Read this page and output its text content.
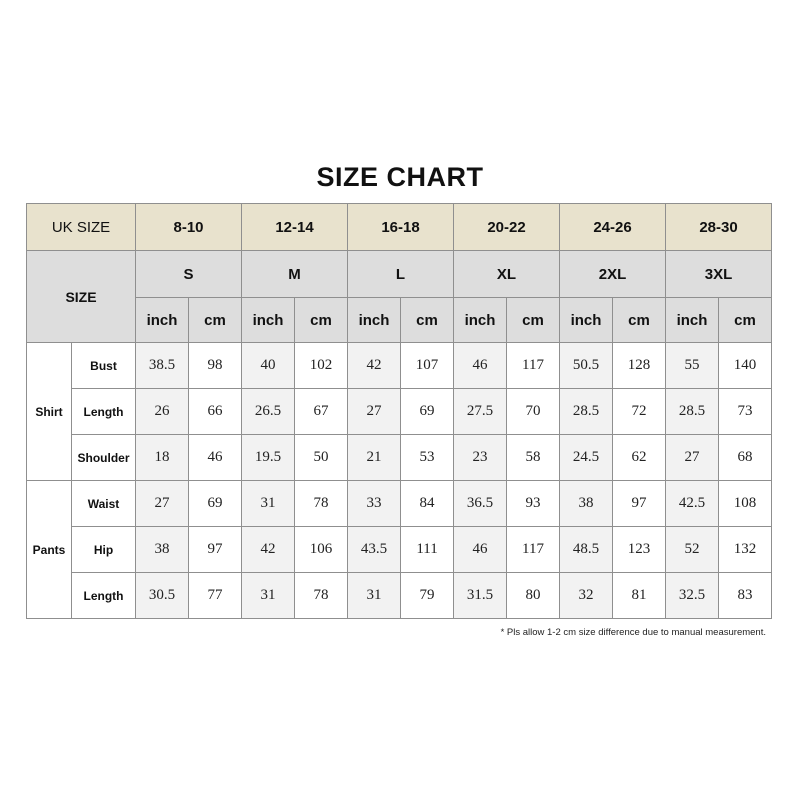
SIZE CHART
UK SIZE		8-10		12-14		16-18		20-22		24-26		28-30	
SIZE		S		M		L		XL		2XL		3XL	
		inch	cm	inch	cm	inch	cm	inch	cm	inch	cm	inch	cm
Shirt	Bust	38.5	98	40	102	42	107	46	117	50.5	128	55	140
	Length	26	66	26.5	67	27	69	27.5	70	28.5	72	28.5	73
	Shoulder	18	46	19.5	50	21	53	23	58	24.5	62	27	68
Pants	Waist	27	69	31	78	33	84	36.5	93	38	97	42.5	108
	Hip	38	97	42	106	43.5	111	46	117	48.5	123	52	132
	Length	30.5	77	31	78	31	79	31.5	80	32	81	32.5	83

* Pls allow 1-2 cm size difference due to manual measurement.
